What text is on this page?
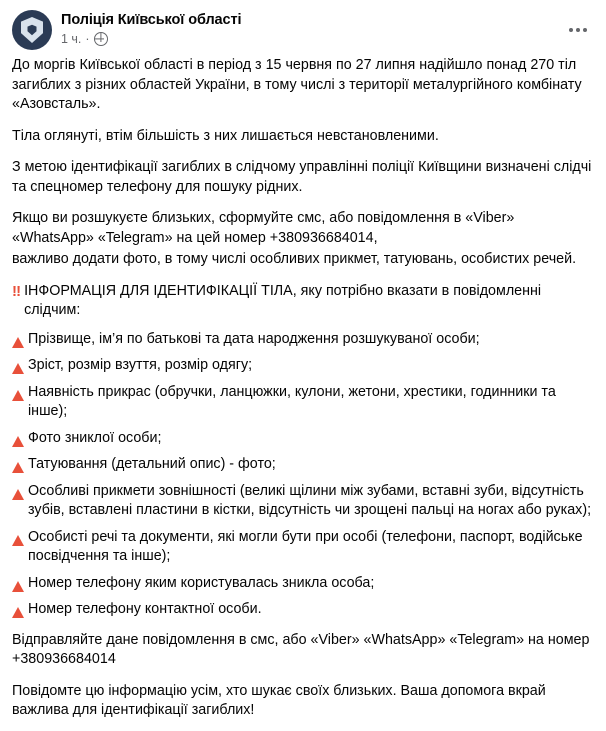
Поліція Київської області
1 ч. ·

До моргів Київської області в період з 15 червня по 27 липня надійшло понад 270 тіл загиблих з різних областей України, в тому числі з території металургійного комбінату «Азовсталь».

Тіла оглянуті, втім більшість з них лишається невстановленими.

З метою ідентифікації загиблих в слідчому управлінні поліції Київщини визначені слідчі та спецномер телефону для пошуку рідних.

Якщо ви розшукуєте близьких, сформуйте смс, або повідомлення в «Viber» «WhatsApp» «Telegram» на цей номер +380936684014,

важливо додати фото, в тому числі особливих прикмет, татуювань, особистих речей.

‼ ІНФОРМАЦІЯ ДЛЯ ІДЕНТИФІКАЦІЇ ТІЛА, яку потрібно вказати в повідомленні слідчим:
Прізвище, ім’я по батькові та дата народження розшукуваної особи;
Зріст, розмір взуття, розмір одягу;
Наявність прикрас (обручки, ланцюжки, кулони, жетони, хрестики, годинники та інше);
Фото зниклої особи;
Татуювання (детальний опис) - фото;
Особливі прикмети зовнішності (великі щілини між зубами, вставні зуби, відсутність зубів, вставлені пластини в кістки, відсутність чи зрощені пальці на ногах або руках);
Особисті речі та документи, які могли бути при особі (телефони, паспорт, водійське посвідчення та інше);
Номер телефону яким користувалась зникла особа;
Номер телефону контактної особи.

Відправляйте дане повідомлення в смс, або «Viber» «WhatsApp» «Telegram» на номер +380936684014

Повідомте цю інформацію усім, хто шукає своїх близьких. Ваша допомога вкрай важлива для ідентифікації загиблих!
